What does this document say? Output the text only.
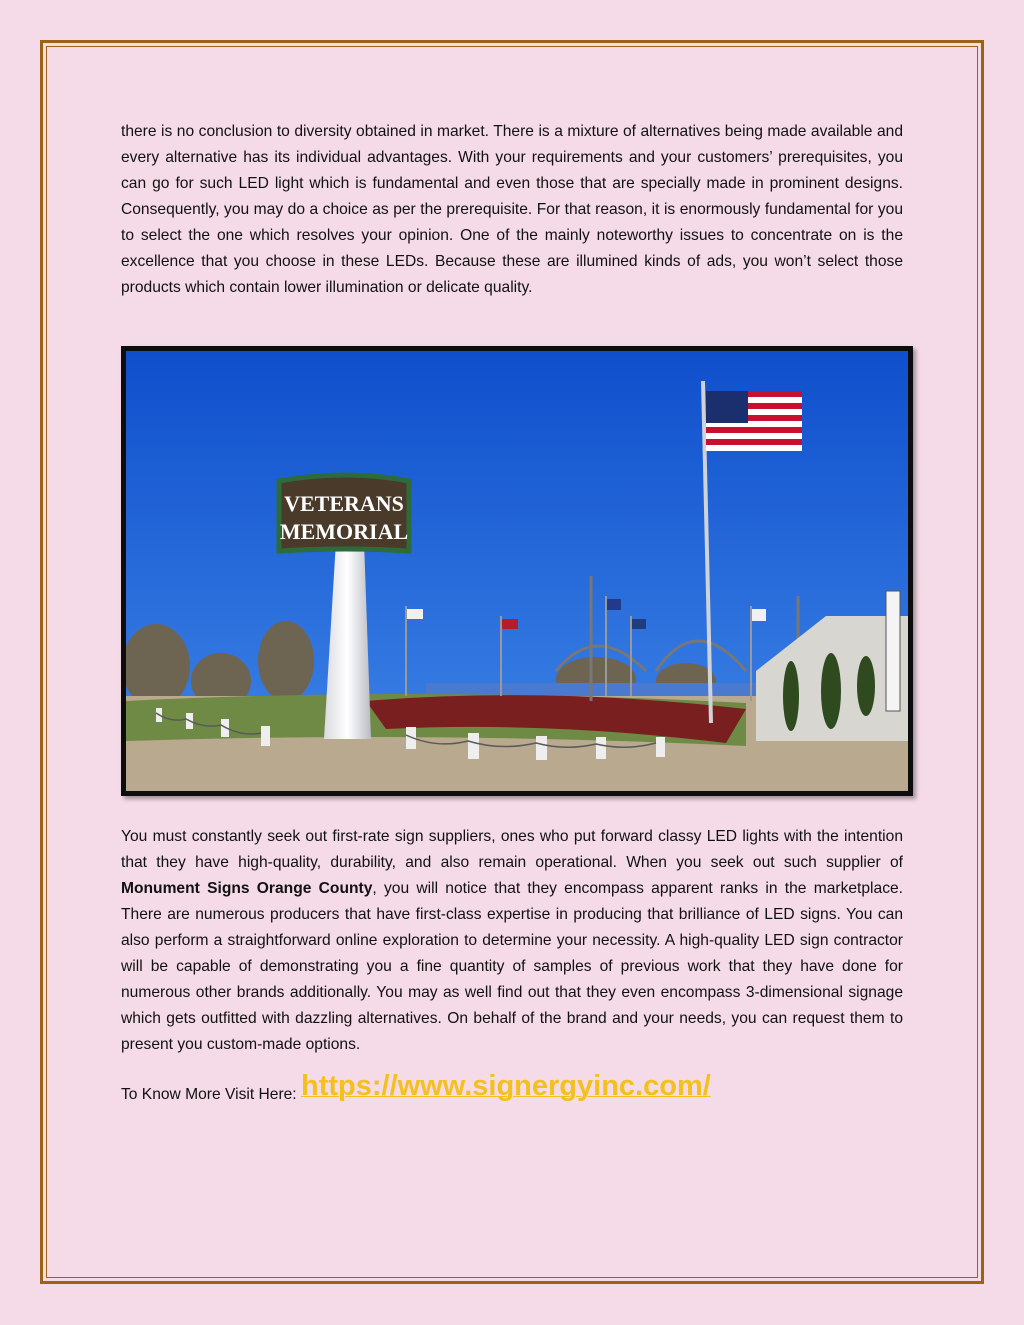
there is no conclusion to diversity obtained in market. There is a mixture of alternatives being made available and every alternative has its individual advantages. With your requirements and your customers’ prerequisites, you can go for such LED light which is fundamental and even those that are specially made in prominent designs. Consequently, you may do a choice as per the prerequisite. For that reason, it is enormously fundamental for you to select the one which resolves your opinion. One of the mainly noteworthy issues to concentrate on is the excellence that you choose in these LEDs. Because these are illumined kinds of ads, you won’t select those products which contain lower illumination or delicate quality.

VETERANS
MEMORIAL

You must constantly seek out first-rate sign suppliers, ones who put forward classy LED lights with the intention that they have high-quality, durability, and also remain operational. When you seek out such supplier of Monument Signs Orange County, you will notice that they encompass apparent ranks in the marketplace. There are numerous producers that have first-class expertise in producing that brilliance of LED signs. You can also perform a straightforward online exploration to determine your necessity. A high-quality LED sign contractor will be capable of demonstrating you a fine quantity of samples of previous work that they have done for numerous other brands additionally. You may as well find out that they even encompass 3-dimensional signage which gets outfitted with dazzling alternatives. On behalf of the brand and your needs, you can request them to present you custom-made options.

To Know More Visit Here: https://www.signergyinc.com/
